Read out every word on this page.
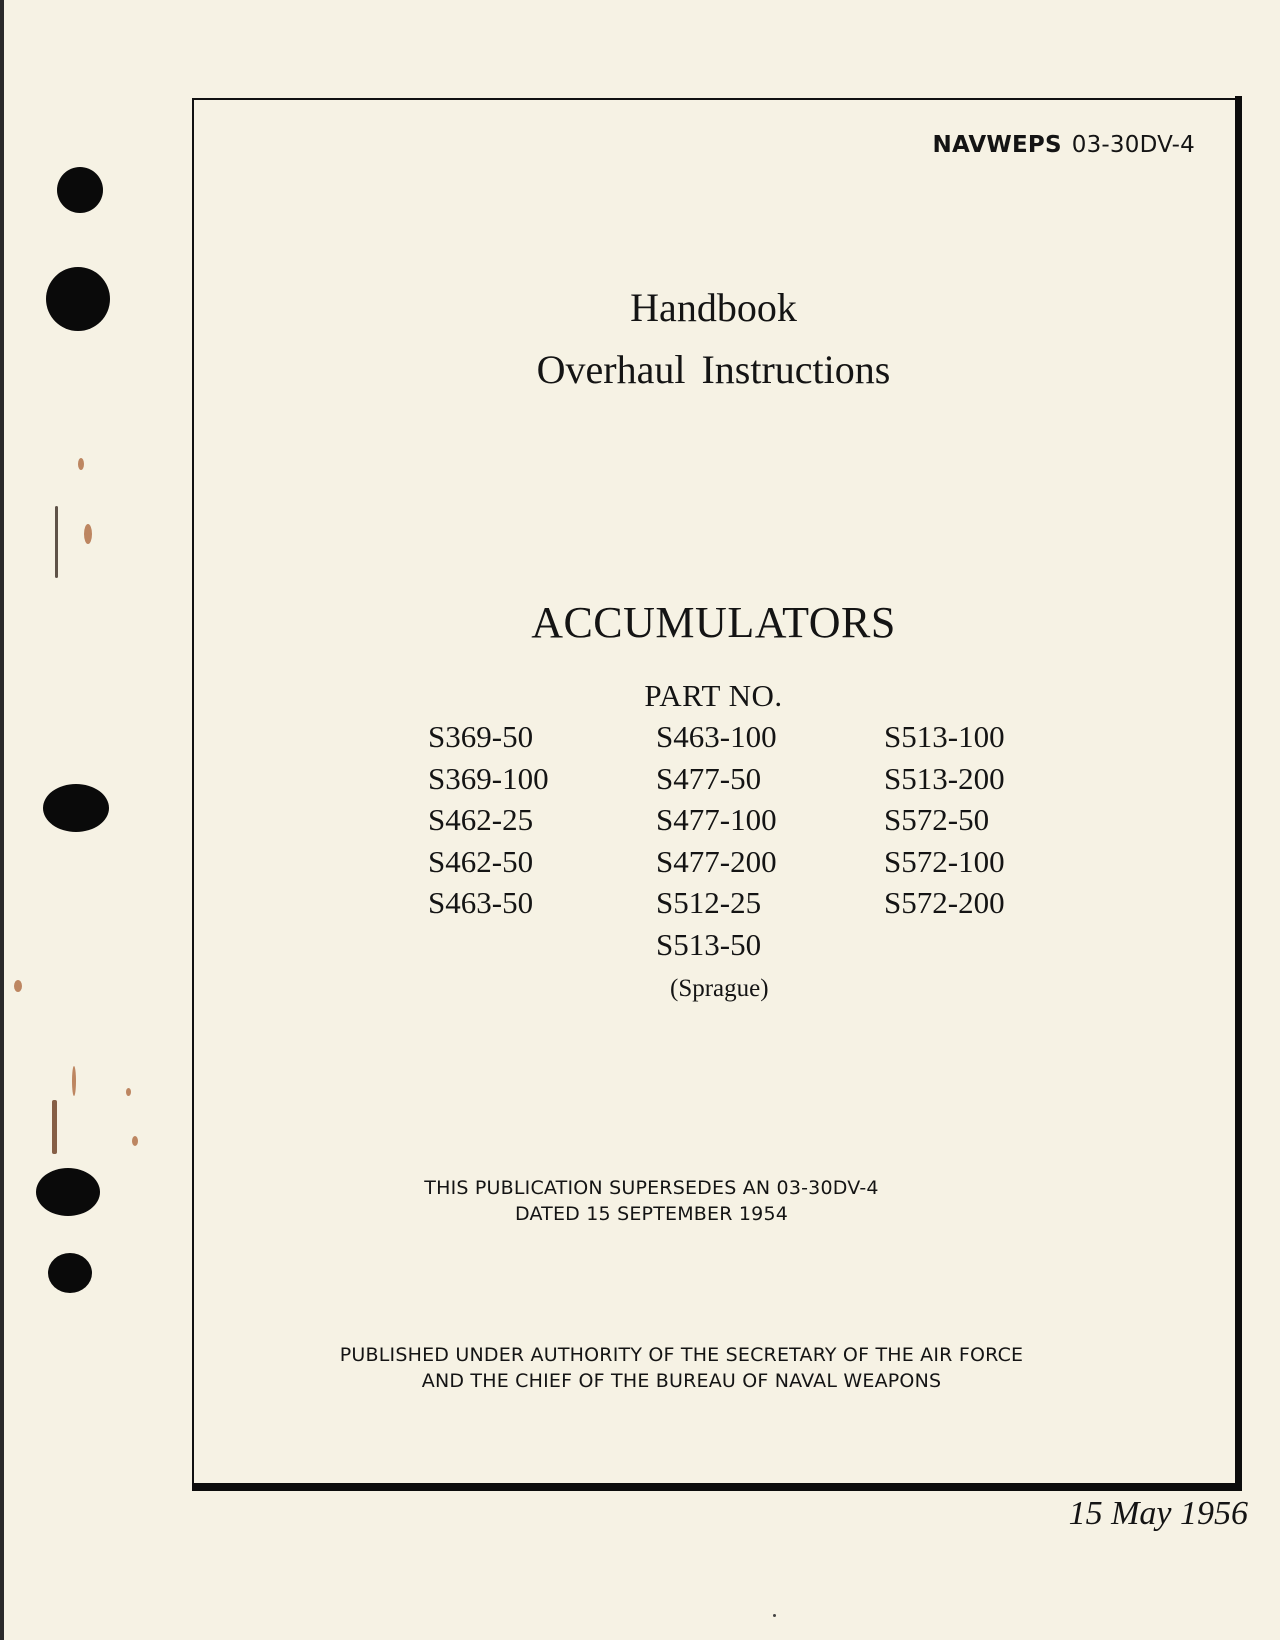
NAVWEPS 03-30DV-4
Handbook
Overhaul Instructions
ACCUMULATORS
PART NO.
S369-50
S369-100
S462-25
S462-50
S463-50
S463-100
S477-50
S477-100
S477-200
S512-25
S513-50
S513-100
S513-200
S572-50
S572-100
S572-200
(Sprague)
THIS PUBLICATION SUPERSEDES AN 03-30DV-4
DATED 15 SEPTEMBER 1954
PUBLISHED UNDER AUTHORITY OF THE SECRETARY OF THE AIR FORCE
AND THE CHIEF OF THE BUREAU OF NAVAL WEAPONS
15 May 1956
